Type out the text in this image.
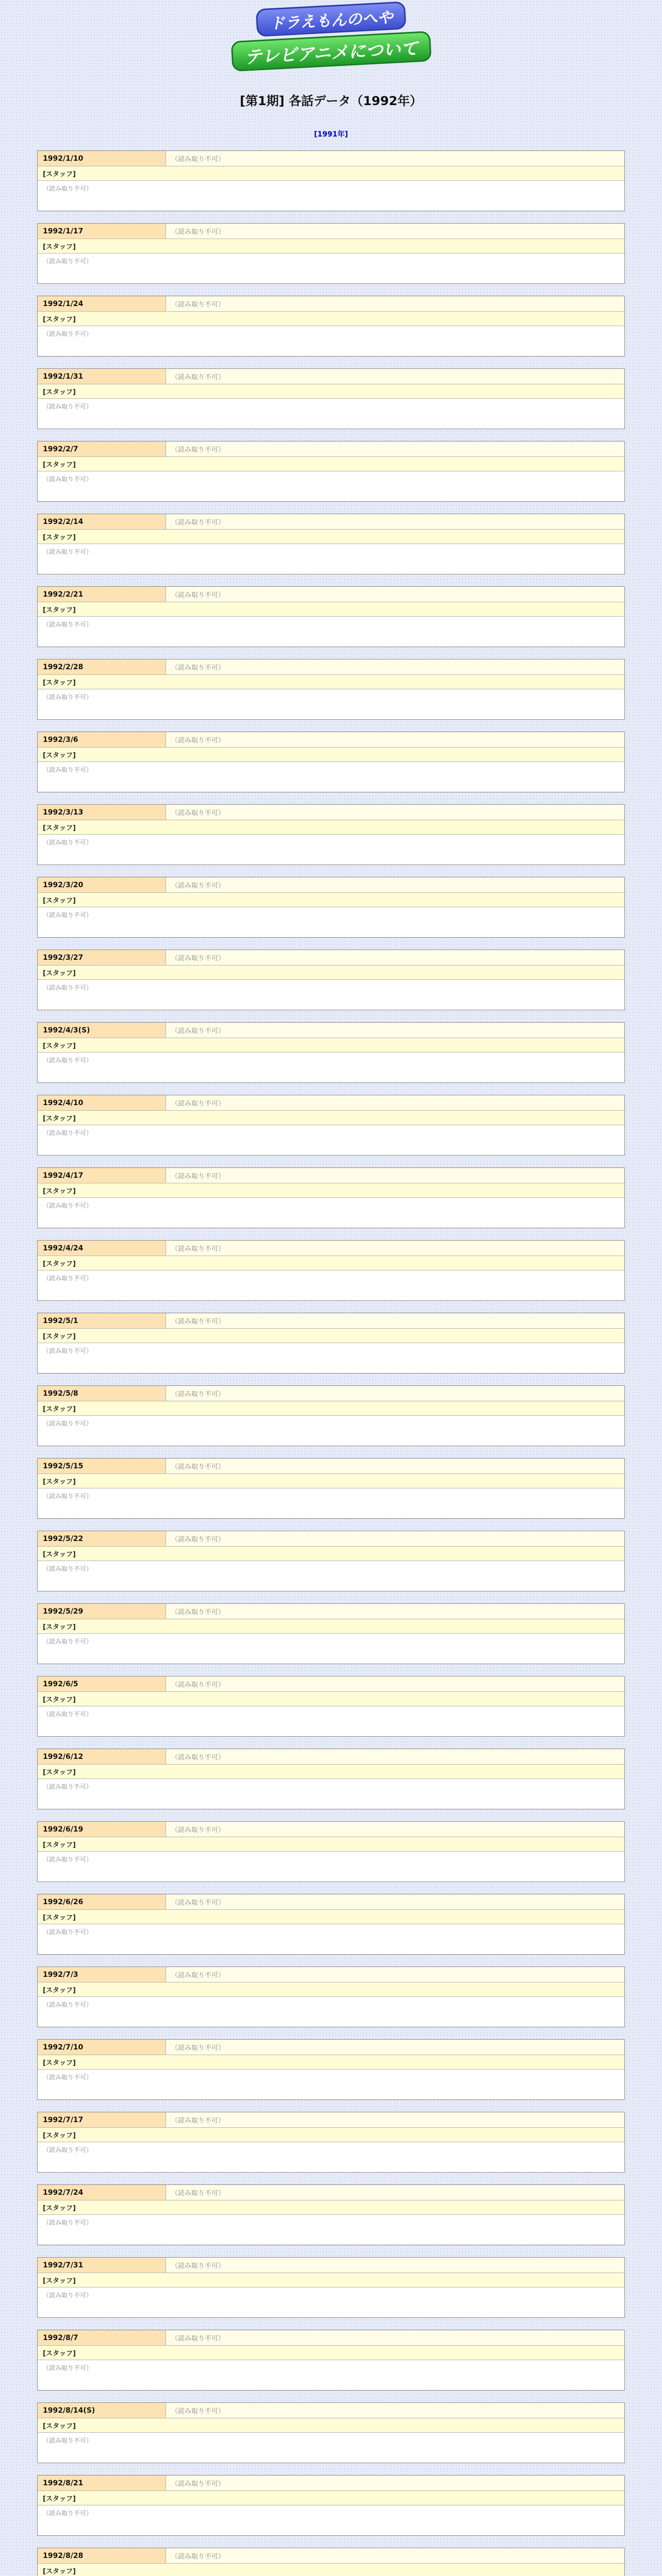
ドラえもんのへや
テレビアニメについて
[第1期] 各話データ（1992年）
[1991年]
1992/1/10	（読み取り不可）
[スタッフ]
（読み取り不可）
1992/1/17	（読み取り不可）
[スタッフ]
（読み取り不可）
1992/1/24	（読み取り不可）
[スタッフ]
（読み取り不可）
1992/1/31	（読み取り不可）
[スタッフ]
（読み取り不可）
1992/2/7	（読み取り不可）
[スタッフ]
（読み取り不可）
1992/2/14	（読み取り不可）
[スタッフ]
（読み取り不可）
1992/2/21	（読み取り不可）
[スタッフ]
（読み取り不可）
1992/2/28	（読み取り不可）
[スタッフ]
（読み取り不可）
1992/3/6	（読み取り不可）
[スタッフ]
（読み取り不可）
1992/3/13	（読み取り不可）
[スタッフ]
（読み取り不可）
1992/3/20	（読み取り不可）
[スタッフ]
（読み取り不可）
1992/3/27	（読み取り不可）
[スタッフ]
（読み取り不可）
1992/4/3(S)	（読み取り不可）
[スタッフ]
（読み取り不可）
1992/4/10	（読み取り不可）
[スタッフ]
（読み取り不可）
1992/4/17	（読み取り不可）
[スタッフ]
（読み取り不可）
1992/4/24	（読み取り不可）
[スタッフ]
（読み取り不可）
1992/5/1	（読み取り不可）
[スタッフ]
（読み取り不可）
1992/5/8	（読み取り不可）
[スタッフ]
（読み取り不可）
1992/5/15	（読み取り不可）
[スタッフ]
（読み取り不可）
1992/5/22	（読み取り不可）
[スタッフ]
（読み取り不可）
1992/5/29	（読み取り不可）
[スタッフ]
（読み取り不可）
1992/6/5	（読み取り不可）
[スタッフ]
（読み取り不可）
1992/6/12	（読み取り不可）
[スタッフ]
（読み取り不可）
1992/6/19	（読み取り不可）
[スタッフ]
（読み取り不可）
1992/6/26	（読み取り不可）
[スタッフ]
（読み取り不可）
1992/7/3	（読み取り不可）
[スタッフ]
（読み取り不可）
1992/7/10	（読み取り不可）
[スタッフ]
（読み取り不可）
1992/7/17	（読み取り不可）
[スタッフ]
（読み取り不可）
1992/7/24	（読み取り不可）
[スタッフ]
（読み取り不可）
1992/7/31	（読み取り不可）
[スタッフ]
（読み取り不可）
1992/8/7	（読み取り不可）
[スタッフ]
（読み取り不可）
1992/8/14(S)	（読み取り不可）
[スタッフ]
（読み取り不可）
1992/8/21	（読み取り不可）
[スタッフ]
（読み取り不可）
1992/8/28	（読み取り不可）
[スタッフ]
